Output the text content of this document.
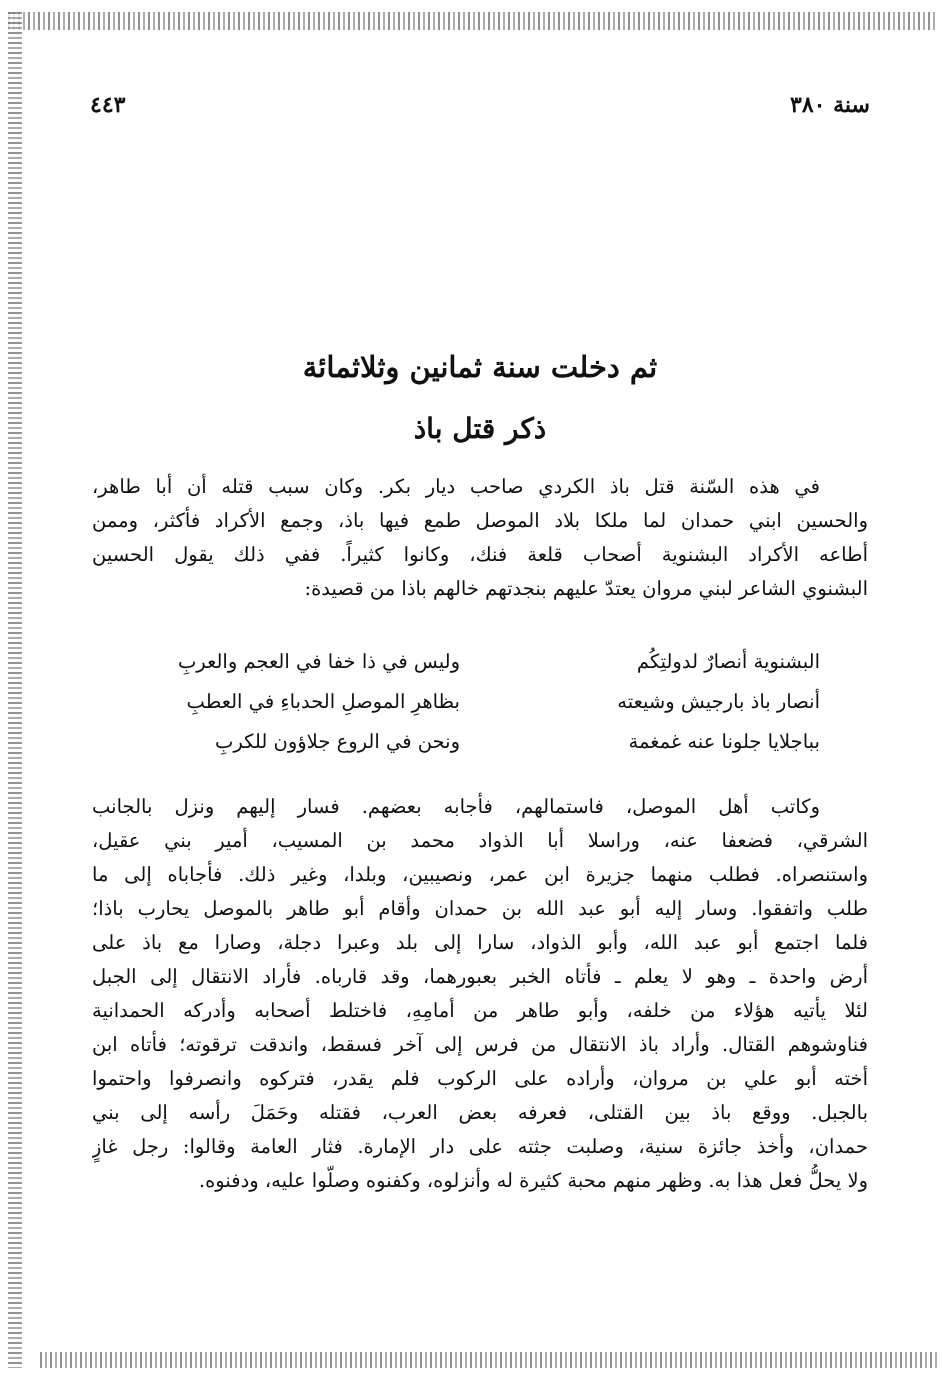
سنة ٣٨٠
٤٤٣
ثم دخلت سنة ثمانين وثلاثمائة
ذكر قتل باذ
في هذه السّنة قتل باذ الكردي صاحب ديار بكر. وكان سبب قتله أن أبا طاهر،
والحسين ابني حمدان لما ملكا بلاد الموصل طمع فيها باذ، وجمع الأكراد فأكثر، وممن
أطاعه الأكراد البشنوية أصحاب قلعة فنك، وكانوا كثيراً. ففي ذلك يقول الحسين
البشنوي الشاعر لبني مروان يعتدّ عليهم بنجدتهم خالهم باذا من قصيدة:
البشنوية أنصارٌ لدولتِكُم
وليس في ذا خفا في العجم والعربِ
أنصار باذ بارجيش وشيعته
بظاهرِ الموصلِ الحدباءِ في العطبِ
بباجلايا جلونا عنه غمغمة
ونحن في الروع جلاؤون للكربِ
وكاتب أهل الموصل، فاستمالهم، فأجابه بعضهم. فسار إليهم ونزل بالجانب
الشرقي، فضعفا عنه، وراسلا أبا الذواد محمد بن المسيب، أمير بني عقيل،
واستنصراه. فطلب منهما جزيرة ابن عمر، ونصيبين، وبلدا، وغير ذلك. فأجاباه إلى ما
طلب واتفقوا. وسار إليه أبو عبد الله بن حمدان وأقام أبو طاهر بالموصل يحارب باذا؛
فلما اجتمع أبو عبد الله، وأبو الذواد، سارا إلى بلد وعبرا دجلة، وصارا مع باذ على
أرض واحدة ـ وهو لا يعلم ـ فأتاه الخبر بعبورهما، وقد قارباه. فأراد الانتقال إلى الجبل
لئلا يأتيه هؤلاء من خلفه، وأبو طاهر من أمامِهِ، فاختلط أصحابه وأدركه الحمدانية
فناوشوهم القتال. وأراد باذ الانتقال من فرس إلى آخر فسقط، واندقت ترقوته؛ فأتاه ابن
أخته أبو علي بن مروان، وأراده على الركوب فلم يقدر، فتركوه وانصرفوا واحتموا
بالجبل. ووقع باذ بين القتلى، فعرفه بعض العرب، فقتله وحَمَلَ رأسه إلى بني
حمدان، وأخذ جائزة سنية، وصلبت جثته على دار الإمارة. فثار العامة وقالوا: رجل غازٍ
ولا يحلُّ فعل هذا به. وظهر منهم محبة كثيرة له وأنزلوه، وكفنوه وصلّوا عليه، ودفنوه.
